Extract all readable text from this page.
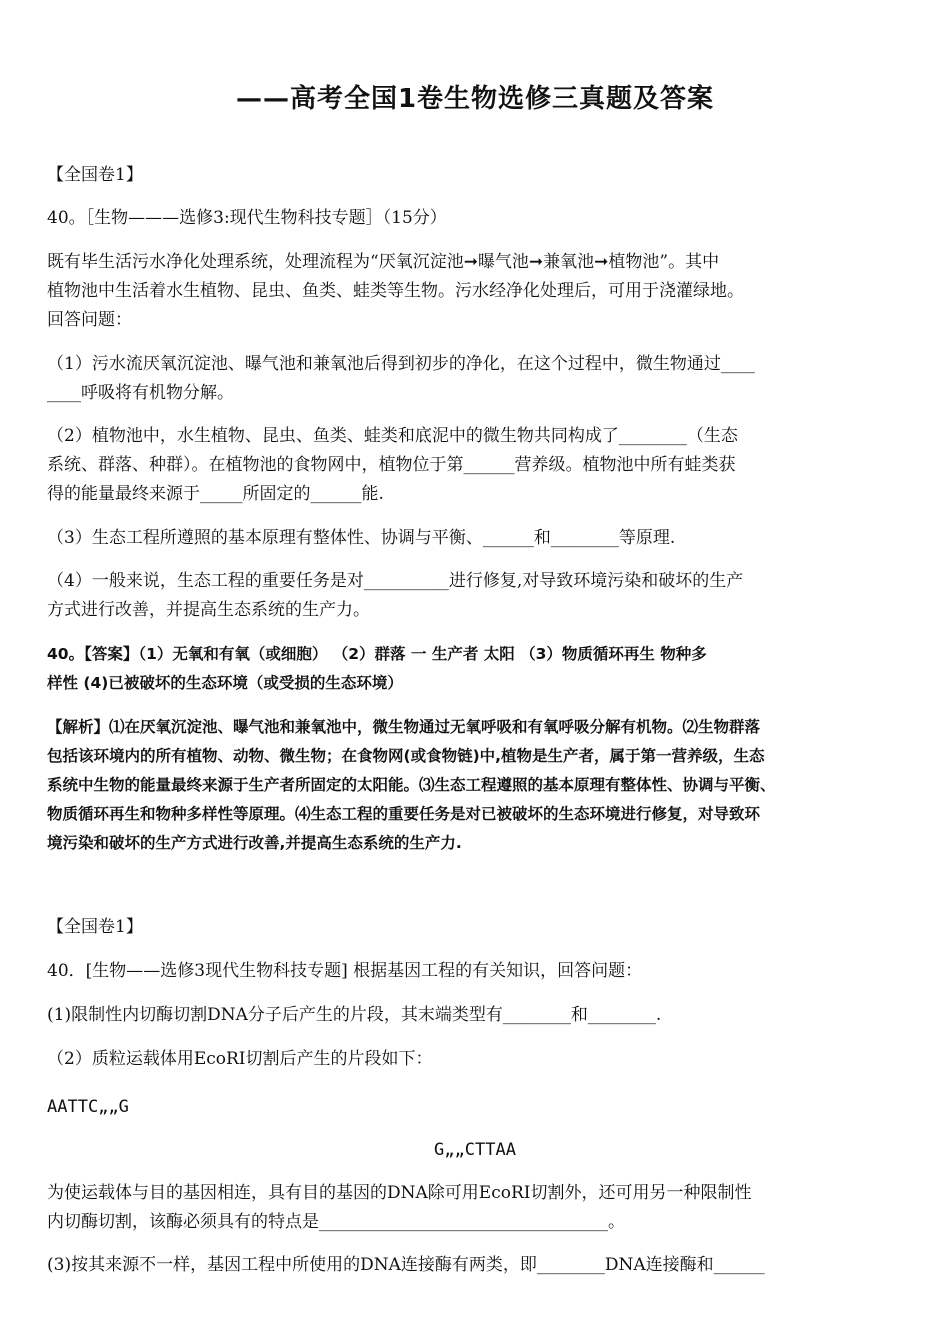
——高考全国1卷生物选修三真题及答案
【全国卷1】
40。［生物———选修3:现代生物科技专题］（15分）
既有毕生活污水净化处理系统，处理流程为“厌氧沉淀池➞曝气池➞兼氧池➞植物池”。其中
植物池中生活着水生植物、昆虫、鱼类、蛙类等生物。污水经净化处理后，可用于浇灌绿地。
回答问题：
（1）污水流厌氧沉淀池、曝气池和兼氧池后得到初步的净化，在这个过程中，微生物通过____
____呼吸将有机物分解。
（2）植物池中，水生植物、昆虫、鱼类、蛙类和底泥中的微生物共同构成了________（生态
系统、群落、种群）。在植物池的食物网中，植物位于第______营养级。植物池中所有蛙类获
得的能量最终来源于_____所固定的______能.
（3）生态工程所遵照的基本原理有整体性、协调与平衡、______和________等原理.
（4）一般来说，生态工程的重要任务是对__________进行修复,对导致环境污染和破坏的生产
方式进行改善，并提高生态系统的生产力。
40。【答案】（1）无氧和有氧（或细胞） （2）群落 一 生产者 太阳 （3）物质循环再生 物种多
样性 (4)已被破坏的生态环境（或受损的生态环境）
【解析】⑴在厌氧沉淀池、曝气池和兼氧池中，微生物通过无氧呼吸和有氧呼吸分解有机物。⑵生物群落
包括该环境内的所有植物、动物、微生物；在食物网(或食物链)中,植物是生产者，属于第一营养级，生态
系统中生物的能量最终来源于生产者所固定的太阳能。⑶生态工程遵照的基本原理有整体性、协调与平衡、
物质循环再生和物种多样性等原理。⑷生态工程的重要任务是对已被破坏的生态环境进行修复，对导致环
境污染和破坏的生产方式进行改善,并提高生态系统的生产力.
【全国卷1】
40．[生物——选修3现代生物科技专题] 根据基因工程的有关知识，回答问题：
(1)限制性内切酶切割DNA分子后产生的片段，其末端类型有________和________.
（2）质粒运载体用EcoRⅠ切割后产生的片段如下：
AATTC„„G
G„„CTTAA
为使运载体与目的基因相连，具有目的基因的DNA除可用EcoRⅠ切割外，还可用另一种限制性
内切酶切割，该酶必须具有的特点是__________________________________。
(3)按其来源不一样，基因工程中所使用的DNA连接酶有两类，即________DNA连接酶和______
